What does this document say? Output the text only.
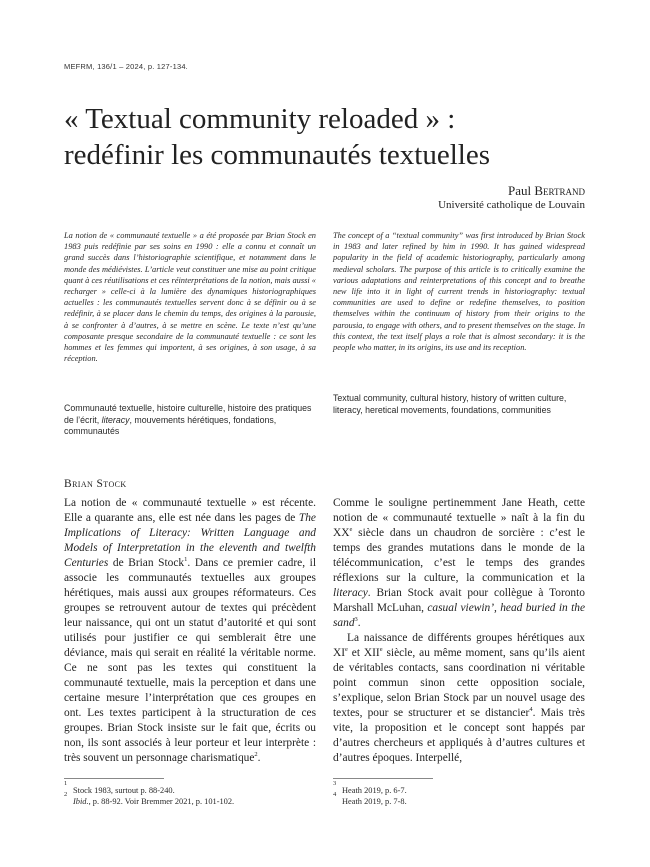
MEFRM, 136/1 – 2024, p. 127-134.
« Textual community reloaded » :
redéfinir les communautés textuelles
Paul Bertrand
Université catholique de Louvain
La notion de « communauté textuelle » a été proposée par Brian Stock en 1983 puis redéfinie par ses soins en 1990 : elle a connu et connaît un grand succès dans l’historiographie scientifique, et notamment dans le monde des médiévistes. L’article veut constituer une mise au point critique quant à ces réutilisations et ces réinterprétations de la notion, mais aussi « recharger » celle-ci à la lumière des dynamiques historiographiques actuelles : les communautés textuelles servent donc à se définir ou à se redéfinir, à se placer dans le chemin du temps, des origines à la parousie, à se confronter à d’autres, à se mettre en scène. Le texte n’est qu’une composante presque secondaire de la communauté textuelle : ce sont les hommes et les femmes qui importent, à ses origines, à son usage, à sa réception.
The concept of a “textual community” was first introduced by Brian Stock in 1983 and later refined by him in 1990. It has gained widespread popularity in the field of academic historiography, particularly among medieval scholars. The purpose of this article is to critically examine the various adaptations and reinterpretations of this concept and to breathe new life into it in light of current trends in historiography: textual communities are used to define or redefine themselves, to position themselves within the continuum of history from their origins to the parousia, to engage with others, and to present themselves on the stage. In this context, the text itself plays a role that is almost secondary: it is the people who matter, in its origins, its use and its reception.
Communauté textuelle, histoire culturelle, histoire des pratiques de l’écrit, literacy, mouvements hérétiques, fondations, communautés
Textual community, cultural history, history of written culture, literacy, heretical movements, foundations, communities
Brian Stock

La notion de « communauté textuelle » est récente. Elle a quarante ans, elle est née dans les pages de The Implications of Literacy: Written Language and Models of Interpretation in the eleventh and twelfth Centuries de Brian Stock$^1$. Dans ce premier cadre, il associe les communautés textuelles aux groupes hérétiques, mais aussi aux groupes réformateurs. Ces groupes se retrouvent autour de textes qui précèdent leur naissance, qui ont un statut d’autorité et qui sont utilisés pour justifier ce qui semblerait être une déviance, mais qui serait en réalité la véritable norme. Ce ne sont pas les textes qui constituent la communauté textuelle, mais la perception et dans une certaine mesure l’interprétation que ces groupes en ont. Les textes participent à la structuration de ces groupes. Brian Stock insiste sur le fait que, écrits ou non, ils sont associés à leur porteur et leur interprète : très souvent un personnage charismatique$^2$.

Comme le souligne pertinemment Jane Heath, cette notion de « communauté textuelle » naît à la fin du XXe siècle dans un chaudron de sorcière : c’est le temps des grandes mutations dans le monde de la télécommunication, c’est le temps des grandes réflexions sur la culture, la communication et la literacy. Brian Stock avait pour collègue à Toronto Marshall McLuhan, casual viewin’, head buried in the sand$^3$.

La naissance de différents groupes hérétiques aux XIe et XIIe siècle, au même moment, sans qu’ils aient de véritables contacts, sans coordination ni véritable point commun sinon cette opposition sociale, s’explique, selon Brian Stock par un nouvel usage des textes, pour se structurer et se distancier$^4$. Mais très vite, la proposition et le concept sont happés par d’autres chercheurs et appliqués à d’autres cultures et d’autres époques. Interpellé,

1
Stock 1983, surtout p. 88-240.
2
Ibid., p. 88-92. Voir Bremmer 2021, p. 101-102.
3
Heath 2019, p. 6-7.
4
Heath 2019, p. 7-8.
